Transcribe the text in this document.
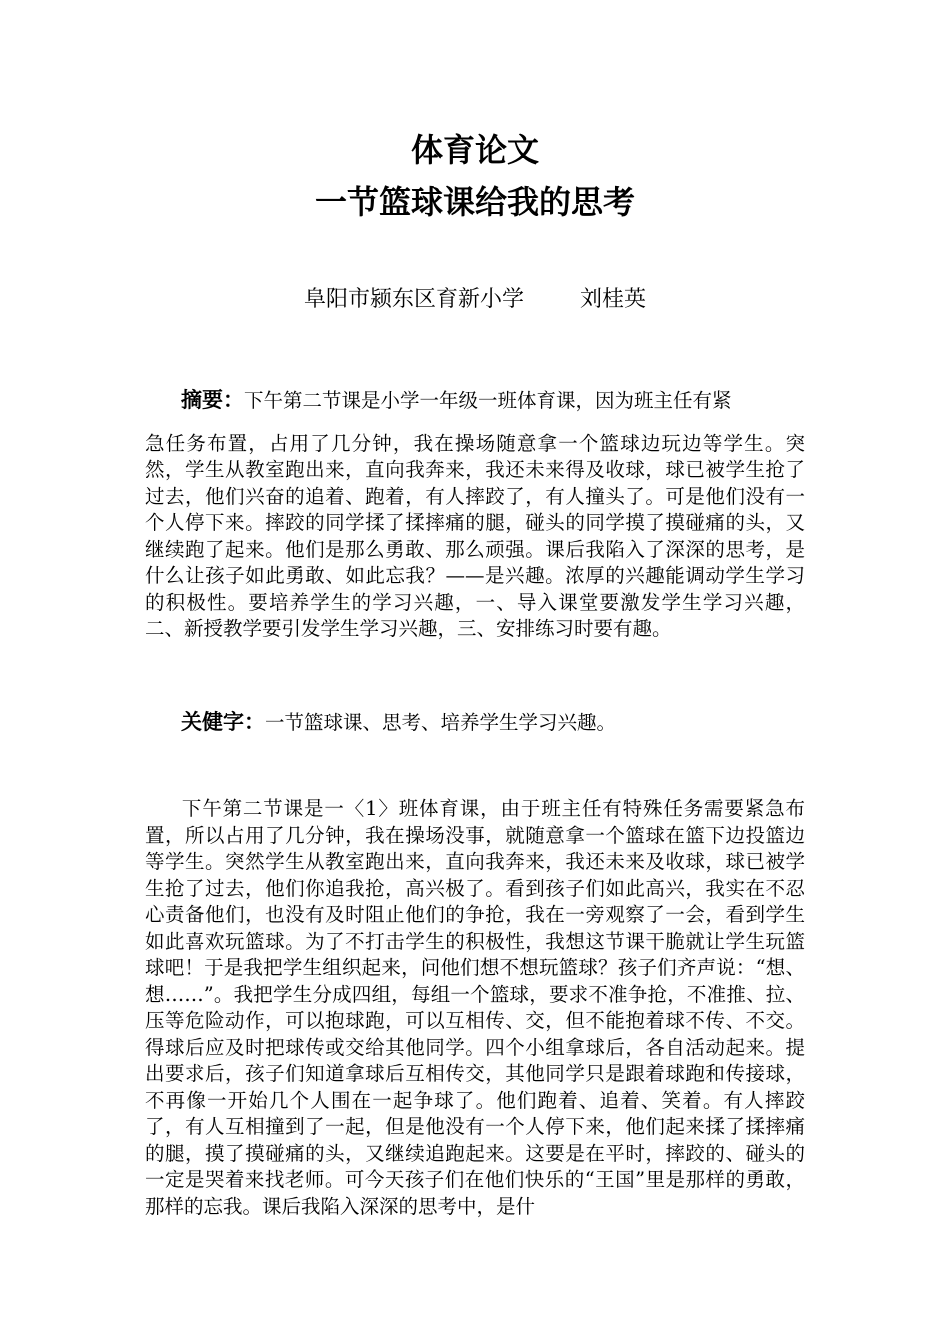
体育论文
一节篮球课给我的思考
阜阳市颍东区育新小学	刘桂英
摘要：下午第二节课是小学一年级一班体育课，因为班主任有紧
急任务布置，占用了几分钟，我在操场随意拿一个篮球边玩边等学生。突然，学生从教室跑出来，直向我奔来，我还未来得及收球，球已被学生抢了过去，他们兴奋的追着、跑着，有人摔跤了，有人撞头了。可是他们没有一个人停下来。摔跤的同学揉了揉摔痛的腿，碰头的同学摸了摸碰痛的头，又继续跑了起来。他们是那么勇敢、那么顽强。课后我陷入了深深的思考，是什么让孩子如此勇敢、如此忘我？——是兴趣。浓厚的兴趣能调动学生学习的积极性。要培养学生的学习兴趣，一、导入课堂要激发学生学习兴趣，二、新授教学要引发学生学习兴趣，三、安排练习时要有趣。

关健字：一节篮球课、思考、培养学生学习兴趣。

下午第二节课是一〈1〉班体育课，由于班主任有特殊任务需要紧急布置，所以占用了几分钟，我在操场没事，就随意拿一个篮球在篮下边投篮边等学生。突然学生从教室跑出来，直向我奔来，我还未来及收球，球已被学生抢了过去，他们你追我抢，高兴极了。看到孩子们如此高兴，我实在不忍心责备他们，也没有及时阻止他们的争抢，我在一旁观察了一会，看到学生如此喜欢玩篮球。为了不打击学生的积极性，我想这节课干脆就让学生玩篮球吧！于是我把学生组织起来，问他们想不想玩篮球？孩子们齐声说：“想、想……”。我把学生分成四组，每组一个篮球，要求不准争抢，不准推、拉、压等危险动作，可以抱球跑，可以互相传、交，但不能抱着球不传、不交。得球后应及时把球传或交给其他同学。四个小组拿球后，各自活动起来。提出要求后，孩子们知道拿球后互相传交，其他同学只是跟着球跑和传接球，不再像一开始几个人围在一起争球了。他们跑着、追着、笑着。有人摔跤了，有人互相撞到了一起，但是他没有一个人停下来，他们起来揉了揉摔痛的腿，摸了摸碰痛的头，又继续追跑起来。这要是在平时，摔跤的、碰头的一定是哭着来找老师。可今天孩子们在他们快乐的“王国”里是那样的勇敢，那样的忘我。课后我陷入深深的思考中，是什
